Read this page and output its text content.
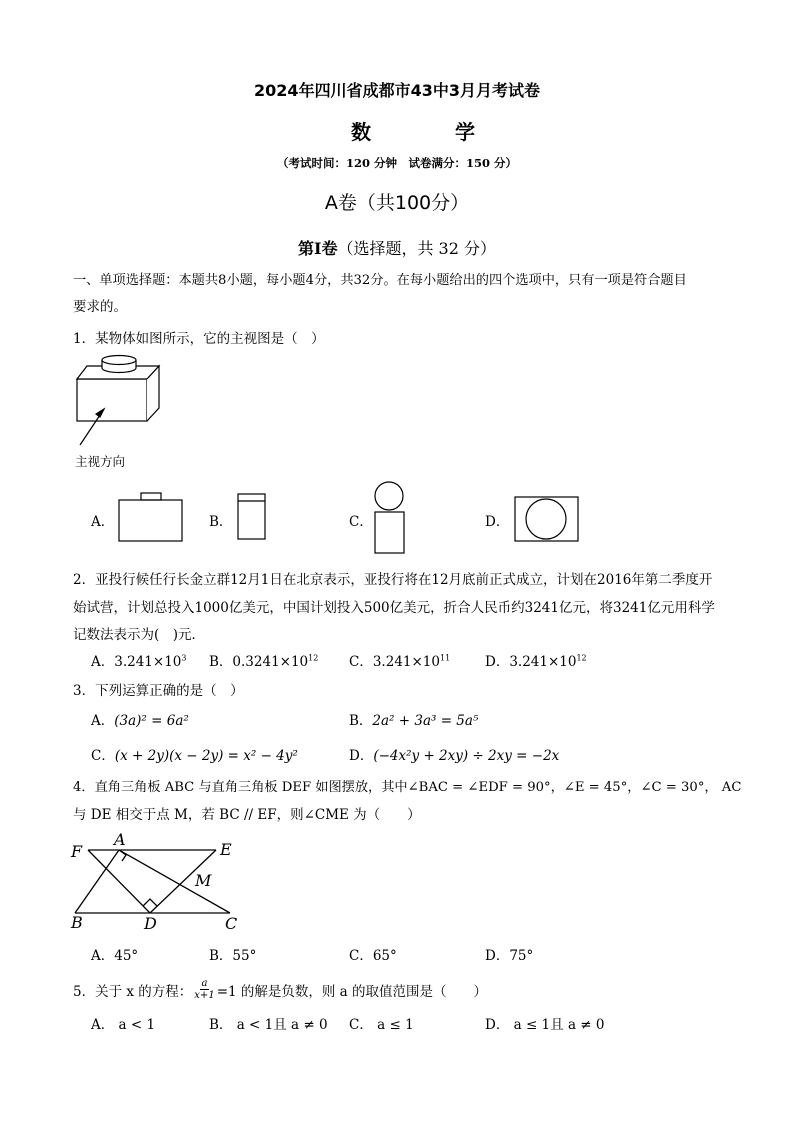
2024年四川省成都市43中3月月考试卷
数　学
（考试时间：120 分钟　试卷满分：150 分）
A卷（共100分）
第Ⅰ卷（选择题，共 32 分）
一、单项选择题：本题共8小题，每小题4分，共32分。在每小题给出的四个选项中，只有一项是符合题目
要求的。
1．某物体如图所示，它的主视图是（　）
主视方向
A．	B．	C．	D．
2．亚投行候任行长金立群12月1日在北京表示，亚投行将在12月底前正式成立，计划在2016年第二季度开
始试营，计划总投入1000亿美元，中国计划投入500亿美元，折合人民币约3241亿元，将3241亿元用科学
记数法表示为(　)元．
A．$3.241\times 10^3$ B．$0.3241\times 10^{12}$ C．$3.241\times 10^{11}$	D．$3.241\times 10^{12}$
3．下列运算正确的是（　）
A．(3a)² = 6a²	B．2a² + 3a³ = 5a⁵
C．(x + 2y)(x − 2y) = x² − 4y²	D．(−4x²y + 2xy) ÷ 2xy = −2x
4．直角三角板 ABC 与直角三角板 DEF 如图摆放，其中∠BAC = ∠EDF = 90°，∠E = 45°，∠C = 30°， AC
与 DE 相交于点 M，若 BC // EF，则∠CME 为（　　）
F
A
E
M
B	D	C
A．45°	B．55°	C．65°	D．75°
5．关于 x 的方程： $\frac{a}{x+1} =1$ 的解是负数，则 a 的取值范围是（　　）
A． a < 1	B． a < 1且 a ≠ 0 C． a ≤ 1	D． a ≤ 1且 a ≠ 0
